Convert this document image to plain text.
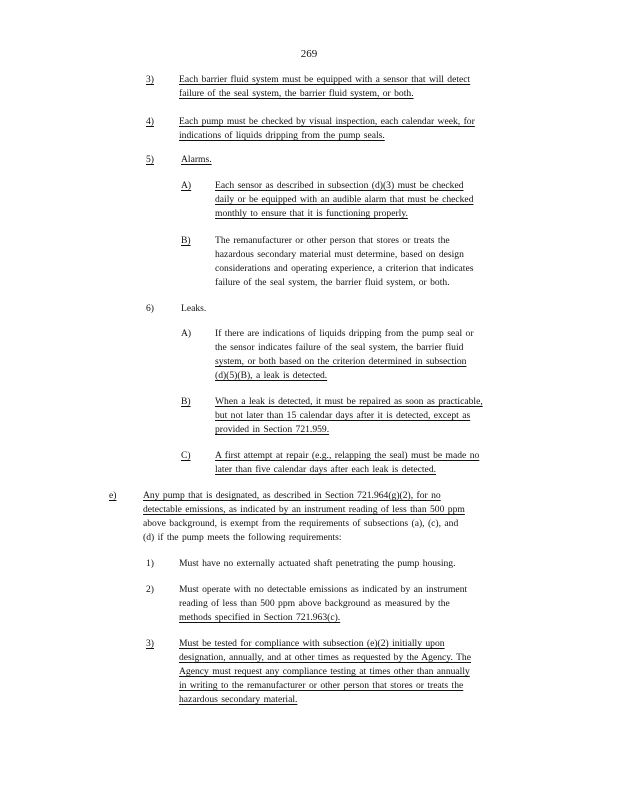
269
3)	Each barrier fluid system must be equipped with a sensor that will detect
failure of the seal system, the barrier fluid system, or both.
4)	Each pump must be checked by visual inspection, each calendar week, for
indications of liquids dripping from the pump seals.
5)	Alarms.
A) Each sensor as described in subsection (d)(3) must be checked
daily or be equipped with an audible alarm that must be checked
monthly to ensure that it is functioning properly.
B)	The remanufacturer or other person that stores or treats the
hazardous secondary material must determine, based on design
considerations and operating experience, a criterion that indicates
failure of the seal system, the barrier fluid system, or both.
6)	Leaks.
A) If there are indications of liquids dripping from the pump seal or
the sensor indicates failure of the seal system, the barrier fluid
system, or both based on the criterion determined in subsection
(d)(5)(B), a leak is detected.
B)	When a leak is detected, it must be repaired as soon as practicable,
but not later than 15 calendar days after it is detected, except as
provided in Section 721.959.
C)	A first attempt at repair (e.g., relapping the seal) must be made no
later than five calendar days after each leak is detected.
e)	Any pump that is designated, as described in Section 721.964(g)(2), for no
detectable emissions, as indicated by an instrument reading of less than 500 ppm
above background, is exempt from the requirements of subsections (a), (c), and
(d) if the pump meets the following requirements:
1)	Must have no externally actuated shaft penetrating the pump housing.
2)	Must operate with no detectable emissions as indicated by an instrument
reading of less than 500 ppm above background as measured by the
methods specified in Section 721.963(c).
3)	Must be tested for compliance with subsection (e)(2) initially upon
designation, annually, and at other times as requested by the Agency. The
Agency must request any compliance testing at times other than annually
in writing to the remanufacturer or other person that stores or treats the
hazardous secondary material.
